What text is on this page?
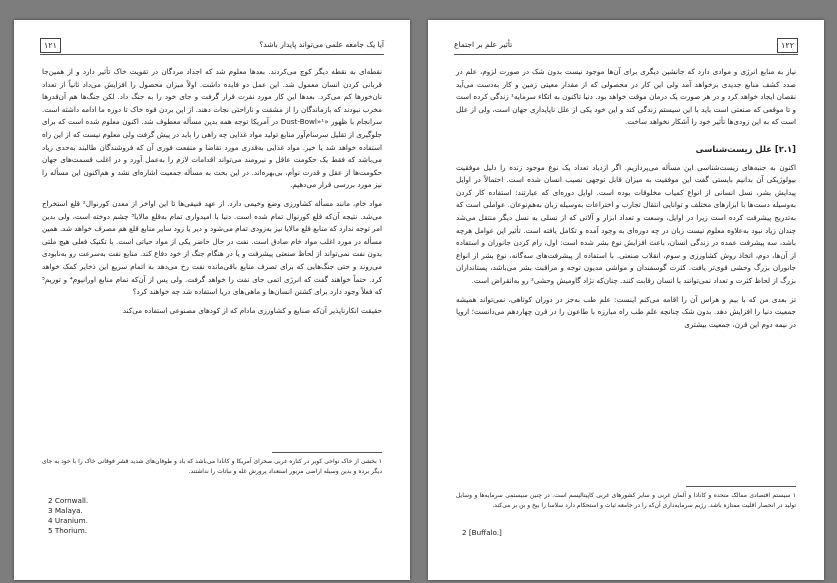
۱۲۱	آیا یک جامعه علمی می‌تواند پایدار باشد؟

نقطه‌ای به نقطه دیگر کوچ می‌کردند. بعدها معلوم شد که اجداد مردگان در تقویت خاک تأثیر دارد و از همین‌جا قربانی کردن انسان معمول شد. این عمل دو فایده داشت. اولاً میزان محصول را افزایش می‌داد ثانیاً از تعداد نان‌خورها کم می‌کرد. بعدها این کار مورد نفرت قرار گرفت و جای خود را به جنگ داد. لکن جنگ‌ها هم آن‌قدرها مخرب نبودند که بازماندگان را از مشقت و ناراحتی نجات دهند. از این بردن قوه خاک تا دوره ما ادامه داشته است. سرانجام با ظهور «Dust-Bowl»¹ در آمریکا توجه همه بدین مسأله معطوف شد. اکنون معلوم شده است که برای جلوگیری از تقلیل سرسام‌آور منابع تولید مواد غذایی چه راهی را باید در پیش گرفت ولی معلوم نیست که از این راه استفاده خواهد شد یا خیر. مواد غذایی به‌قدری مورد تقاضا و منفعت فوری آن که فروشندگان طالبند به‌حدی زیاد می‌باشد که فقط یک حکومت عاقل و نیرومند می‌تواند اقدامات لازم را به‌عمل آورد و در اغلب قسمت‌های جهان حکومت‌ها از عقل و قدرت توأم، بی‌بهره‌اند. در این بحث به مسأله جمعیت اشاره‌ای نشد و هم‌اکنون این مسأله را نیز مورد بررسی قرار می‌دهیم.

مواد خام، مانند مسأله کشاورزی وضع وخیمی دارد. از عهد فنیقی‌ها تا این اواخر از معدن کورنوال² قلع استخراج می‌شد. نتیجه آن‌که قلع کورنوال تمام شده است. دنیا با امیدواری تمام به‌قلع مالایا³ چشم دوخته است، ولی بدین امر توجه ندارد که منابع قلع مالایا نیز به‌زودی تمام می‌شود و دیر یا زود سایر منابع قلع هم مصرف خواهد شد. همین مسأله در مورد اغلب مواد خام صادق است. نفت در حال حاضر یکی از مواد حیاتی است. با تکنیک فعلی هیچ ملتی بدون نفت نمی‌تواند از لحاظ صنعتی پیشرفت و یا در هنگام جنگ از خود دفاع کند. منابع نفت به‌سرعت رو به‌نابودی می‌روند و حتی جنگ‌هایی که برای تصرف منابع باقی‌مانده نفت رخ می‌دهد به اتمام سریع این ذخایر کمک خواهد کرد. حتماً خواهند گفت که انرژی اتمی جای نفت را خواهد گرفت. ولی پس از آن‌که تمام منابع اورانیوم⁴ و توریم⁵ که فعلاً وجود دارد برای کشتن انسان‌ها و ماهی‌های دریا استفاده شد چه خواهند کرد؟

حقیقت انکارناپذیر آن‌که صنایع و کشاورزی مادام که از کودهای مصنوعی استفاده می‌کند

۱ بخشی از خاک نواحی کویر در کناره غربی صحرای آمریکا و کانادا می‌باشد که باد و طوفان‌های شدید قشر فوقانی خاک را با خود به جای دیگر برده و بدین وسیله اراضی مزبور استعداد پرورش غله و نباتات را نداشتند.

2 Cornwall.
3 Malaya.
4 Uranium.
5 Thorium.
۱۲۲
تأثیر علم بر اجتماع

نیاز به منابع انرژی و موادی دارد که جانشین دیگری برای آن‌ها موجود نیست بدون شک در صورت لزوم، علم در صدد کشف منابع جدیدی برخواهد آمد ولی این کار در محصولی که از مقدار معینی زمین و کار به‌دست می‌آید نقصان ایجاد خواهد کرد و در هر صورت یک درمان موقت خواهد بود. دنیا تاکنون به اتکاء سرمایه¹ زندگی کرده است و تا موقعی که صنعتی است باید با این سیستم زندگی کند و این خود یکی از علل ناپایداری جهان است، ولی از علل است که به این زودی‌ها تأثیر خود را آشکار نخواهد ساخت.

[۲.۱] علل زیست‌شناسی

اکنون به جنبه‌های زیست‌شناسی این مسأله می‌پردازیم. اگر ازدیاد تعداد یک نوع موجود زنده را دلیل موفقیت بیولوژیکی آن بدانیم بایستی گفت این موفقیت به میزان قابل توجهی نصیب انسان شده است. احتمالاً در اوایل پیدایش بشر، نسل انسانی از انواع کمیاب مخلوقات بوده است. اوایل دوره‌ای که عبارتند: استفاده کار کردن به‌وسیله دست‌ها با ابزارهای مختلف و توانایی انتقال تجارب و اختراعات به‌وسیله زبان به‌هم‌نوعان. عواملی است که به‌تدریج پیشرفت کرده است زیرا در اوایل، وسعت و تعداد ابزار و آلاتی که از نسلی به نسل دیگر منتقل می‌شد چندان زیاد نبود به‌علاوه معلوم نیست زبان در چه دوره‌ای به وجود آمده و تکامل یافته است. تأثیر این عوامل هرچه باشد، سه پیشرفت عمده در زندگی انسان، باعث افزایش نوع بشر شده است: اول، رام کردن جانوران و استفاده از آن‌ها، دوم، اتخاذ روش کشاورزی و سوم، انقلاب صنعتی. با استفاده از پیشرفت‌های سه‌گانه، نوع بشر از انواع جانوران بزرگ وحشی قوی‌تر یافت. کثرت گوسفندان و مواشی مدیون توجه و مراقبت بشر می‌باشد، پستانداران بزرگ از لحاظ کثرت و تعداد نمی‌توانند با انسان رقابت کنند. چنان‌که نژاد گاومیش وحشی² رو به‌انقراض است.

تز بعدی من که با بیم و هراس آن را اقامه می‌کنم اینست: علم طب به‌جز در دوران کوتاهی، نمی‌تواند همیشه جمعیت دنیا را افزایش دهد. بدون شک چنانچه علم طب راه مبارزه با طاعون را در قرن چهاردهم می‌دانست؛ اروپا در نیمه دوم این قرن، جمعیت بیشتری

۱ سیستم اقتصادی ممالک متحده و کانادا و آلمان غربی و سایر کشورهای غربی کاپیتالیسم است. در چنین سیستمی سرمایه‌ها و وسایل تولید در انحصار اقلیت ممتازه باشد. رژیم سرمایه‌داری آن‌که را در جامعه ثبات و استحکام دارد سلاسا را بیخ و بن بر می‌کند.

2 [Buffalo.]
